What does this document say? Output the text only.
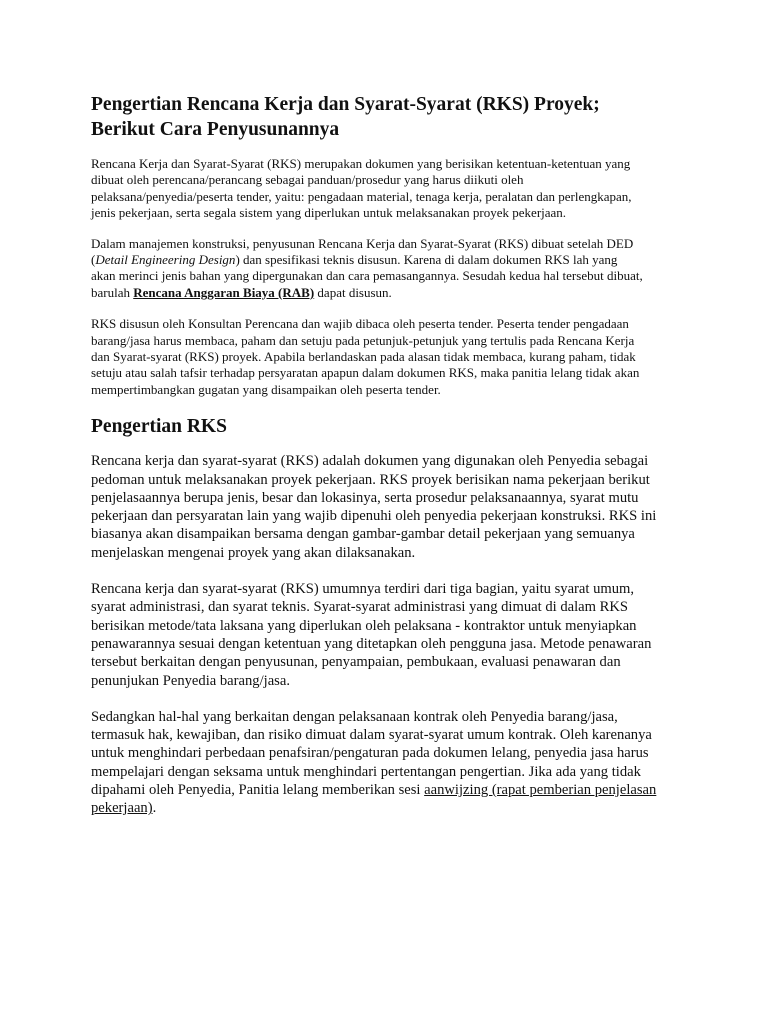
Pengertian Rencana Kerja dan Syarat-Syarat (RKS) Proyek;
Berikut Cara Penyusunannya

Rencana Kerja dan Syarat-Syarat (RKS) merupakan dokumen yang berisikan ketentuan-ketentuan yang
dibuat oleh perencana/perancang sebagai panduan/prosedur yang harus diikuti oleh
pelaksana/penyedia/peserta tender, yaitu: pengadaan material, tenaga kerja, peralatan dan perlengkapan,
jenis pekerjaan, serta segala sistem yang diperlukan untuk melaksanakan proyek pekerjaan.

Dalam manajemen konstruksi, penyusunan Rencana Kerja dan Syarat-Syarat (RKS) dibuat setelah DED
(Detail Engineering Design) dan spesifikasi teknis disusun. Karena di dalam dokumen RKS lah yang
akan merinci jenis bahan yang dipergunakan dan cara pemasangannya. Sesudah kedua hal tersebut dibuat,
barulah Rencana Anggaran Biaya (RAB) dapat disusun.

RKS disusun oleh Konsultan Perencana dan wajib dibaca oleh peserta tender. Peserta tender pengadaan
barang/jasa harus membaca, paham dan setuju pada petunjuk-petunjuk yang tertulis pada Rencana Kerja
dan Syarat-syarat (RKS) proyek. Apabila berlandaskan pada alasan tidak membaca, kurang paham, tidak
setuju atau salah tafsir terhadap persyaratan apapun dalam dokumen RKS, maka panitia lelang tidak akan
mempertimbangkan gugatan yang disampaikan oleh peserta tender.

Pengertian RKS

Rencana kerja dan syarat-syarat (RKS) adalah dokumen yang digunakan oleh Penyedia sebagai
pedoman untuk melaksanakan proyek pekerjaan. RKS proyek berisikan nama pekerjaan berikut
penjelasaannya berupa jenis, besar dan lokasinya, serta prosedur pelaksanaannya, syarat mutu
pekerjaan dan persyaratan lain yang wajib dipenuhi oleh penyedia pekerjaan konstruksi. RKS ini
biasanya akan disampaikan bersama dengan gambar-gambar detail pekerjaan yang semuanya
menjelaskan mengenai proyek yang akan dilaksanakan.

Rencana kerja dan syarat-syarat (RKS) umumnya terdiri dari tiga bagian, yaitu syarat umum,
syarat administrasi, dan syarat teknis. Syarat-syarat administrasi yang dimuat di dalam RKS
berisikan metode/tata laksana yang diperlukan oleh pelaksana - kontraktor untuk menyiapkan
penawarannya sesuai dengan ketentuan yang ditetapkan oleh pengguna jasa. Metode penawaran
tersebut berkaitan dengan penyusunan, penyampaian, pembukaan, evaluasi penawaran dan
penunjukan Penyedia barang/jasa.

Sedangkan hal-hal yang berkaitan dengan pelaksanaan kontrak oleh Penyedia barang/jasa,
termasuk hak, kewajiban, dan risiko dimuat dalam syarat-syarat umum kontrak. Oleh karenanya
untuk menghindari perbedaan penafsiran/pengaturan pada dokumen lelang, penyedia jasa harus
mempelajari dengan seksama untuk menghindari pertentangan pengertian. Jika ada yang tidak
dipahami oleh Penyedia, Panitia lelang memberikan sesi aanwijzing (rapat pemberian penjelasan
pekerjaan).
